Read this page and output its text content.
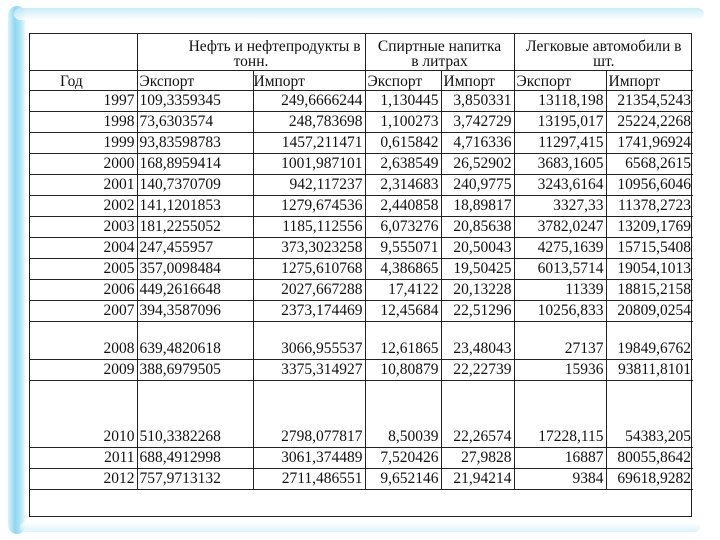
	Нефть и нефтепродукты в		Спиртные напитка		Легковые автомобили в	
	тонн.		в литрах		шт.	
Год	Экспорт	Импорт	Экспорт	Импорт	Экспорт	Импорт
1997	109,3359345	249,6666244	1,130445	3,850331	13118,198	21354,5243
1998	73,6303574	248,783698	1,100273	3,742729	13195,017	25224,2268
1999	93,83598783	1457,211471	0,615842	4,716336	11297,415	1741,96924
2000	168,8959414	1001,987101	2,638549	26,52902	3683,1605	6568,2615
2001	140,7370709	942,117237	2,314683	240,9775	3243,6164	10956,6046
2002	141,1201853	1279,674536	2,440858	18,89817	3327,33	11378,2723
2003	181,2255052	1185,112556	6,073276	20,85638	3782,0247	13209,1769
2004	247,455957	373,3023258	9,555071	20,50043	4275,1639	15715,5408
2005	357,0098484	1275,610768	4,386865	19,50425	6013,5714	19054,1013
2006	449,2616648	2027,667288	17,4122	20,13228	11339	18815,2158
2007	394,3587096	2373,174469	12,45684	22,51296	10256,833	20809,0254
2008	639,4820618	3066,955537	12,61865	23,48043	27137	19849,6762
2009	388,6979505	3375,314927	10,80879	22,22739	15936	93811,8101
2010	510,3382268	2798,077817	8,50039	22,26574	17228,115	54383,205
2011	688,4912998	3061,374489	7,520426	27,9828	16887	80055,8642
2012	757,9713132	2711,486551	9,652146	21,94214	9384	69618,9282
